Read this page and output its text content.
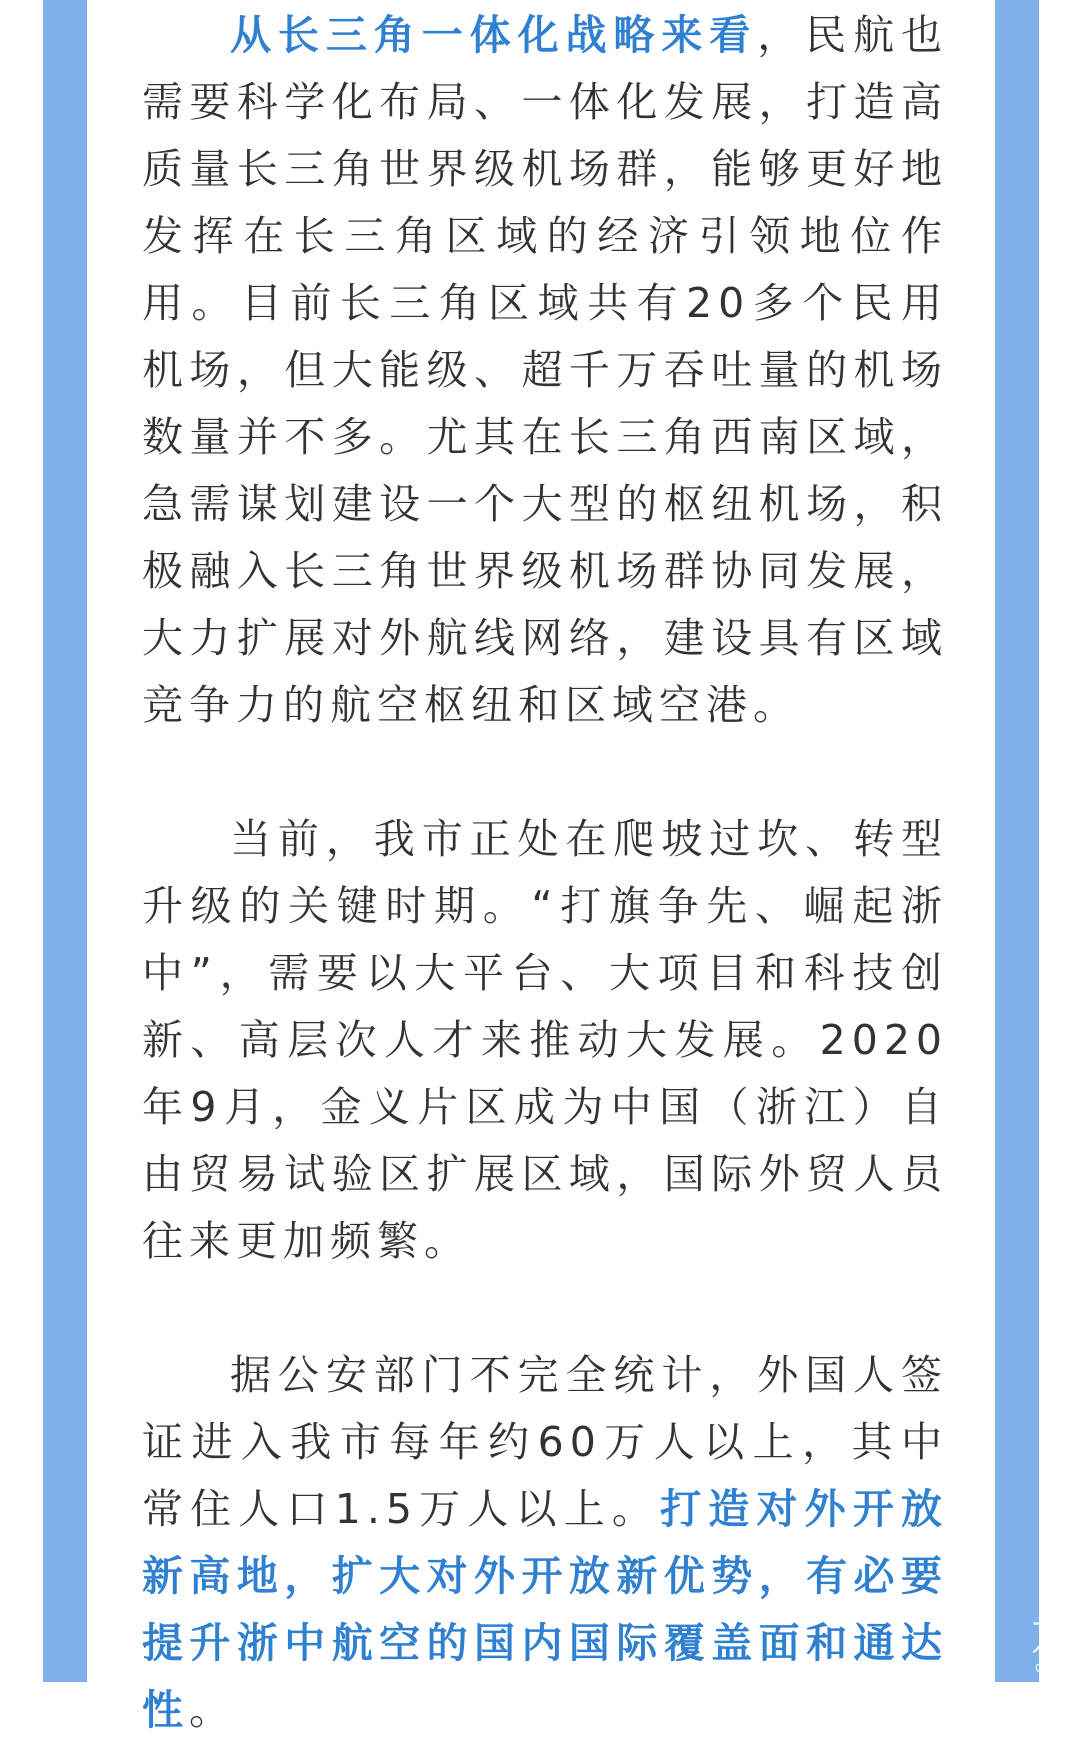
从长三角一体化战略来看，民航也需要科学化布局、一体化发展，打造高质量长三角世界级机场群，能够更好地发挥在长三角区域的经济引领地位作用。目前长三角区域共有20多个民用机场，但大能级、超千万吞吐量的机场数量并不多。尤其在长三角西南区域，急需谋划建设一个大型的枢纽机场，积极融入长三角世界级机场群协同发展，大力扩展对外航线网络，建设具有区域竞争力的航空枢纽和区域空港。

当前，我市正处在爬坡过坎、转型升级的关键时期。“打旗争先、崛起浙中”，需要以大平台、大项目和科技创新、高层次人才来推动大发展。2020年9月，金义片区成为中国（浙江）自由贸易试验区扩展区域，国际外贸人员往来更加频繁。

据公安部门不完全统计，外国人签证进入我市每年约60万人以上，其中常住人口1.5万人以上。打造对外开放新高地，扩大对外开放新优势，有必要提升浙中航空的国内国际覆盖面和通达性。

友
ong.c
